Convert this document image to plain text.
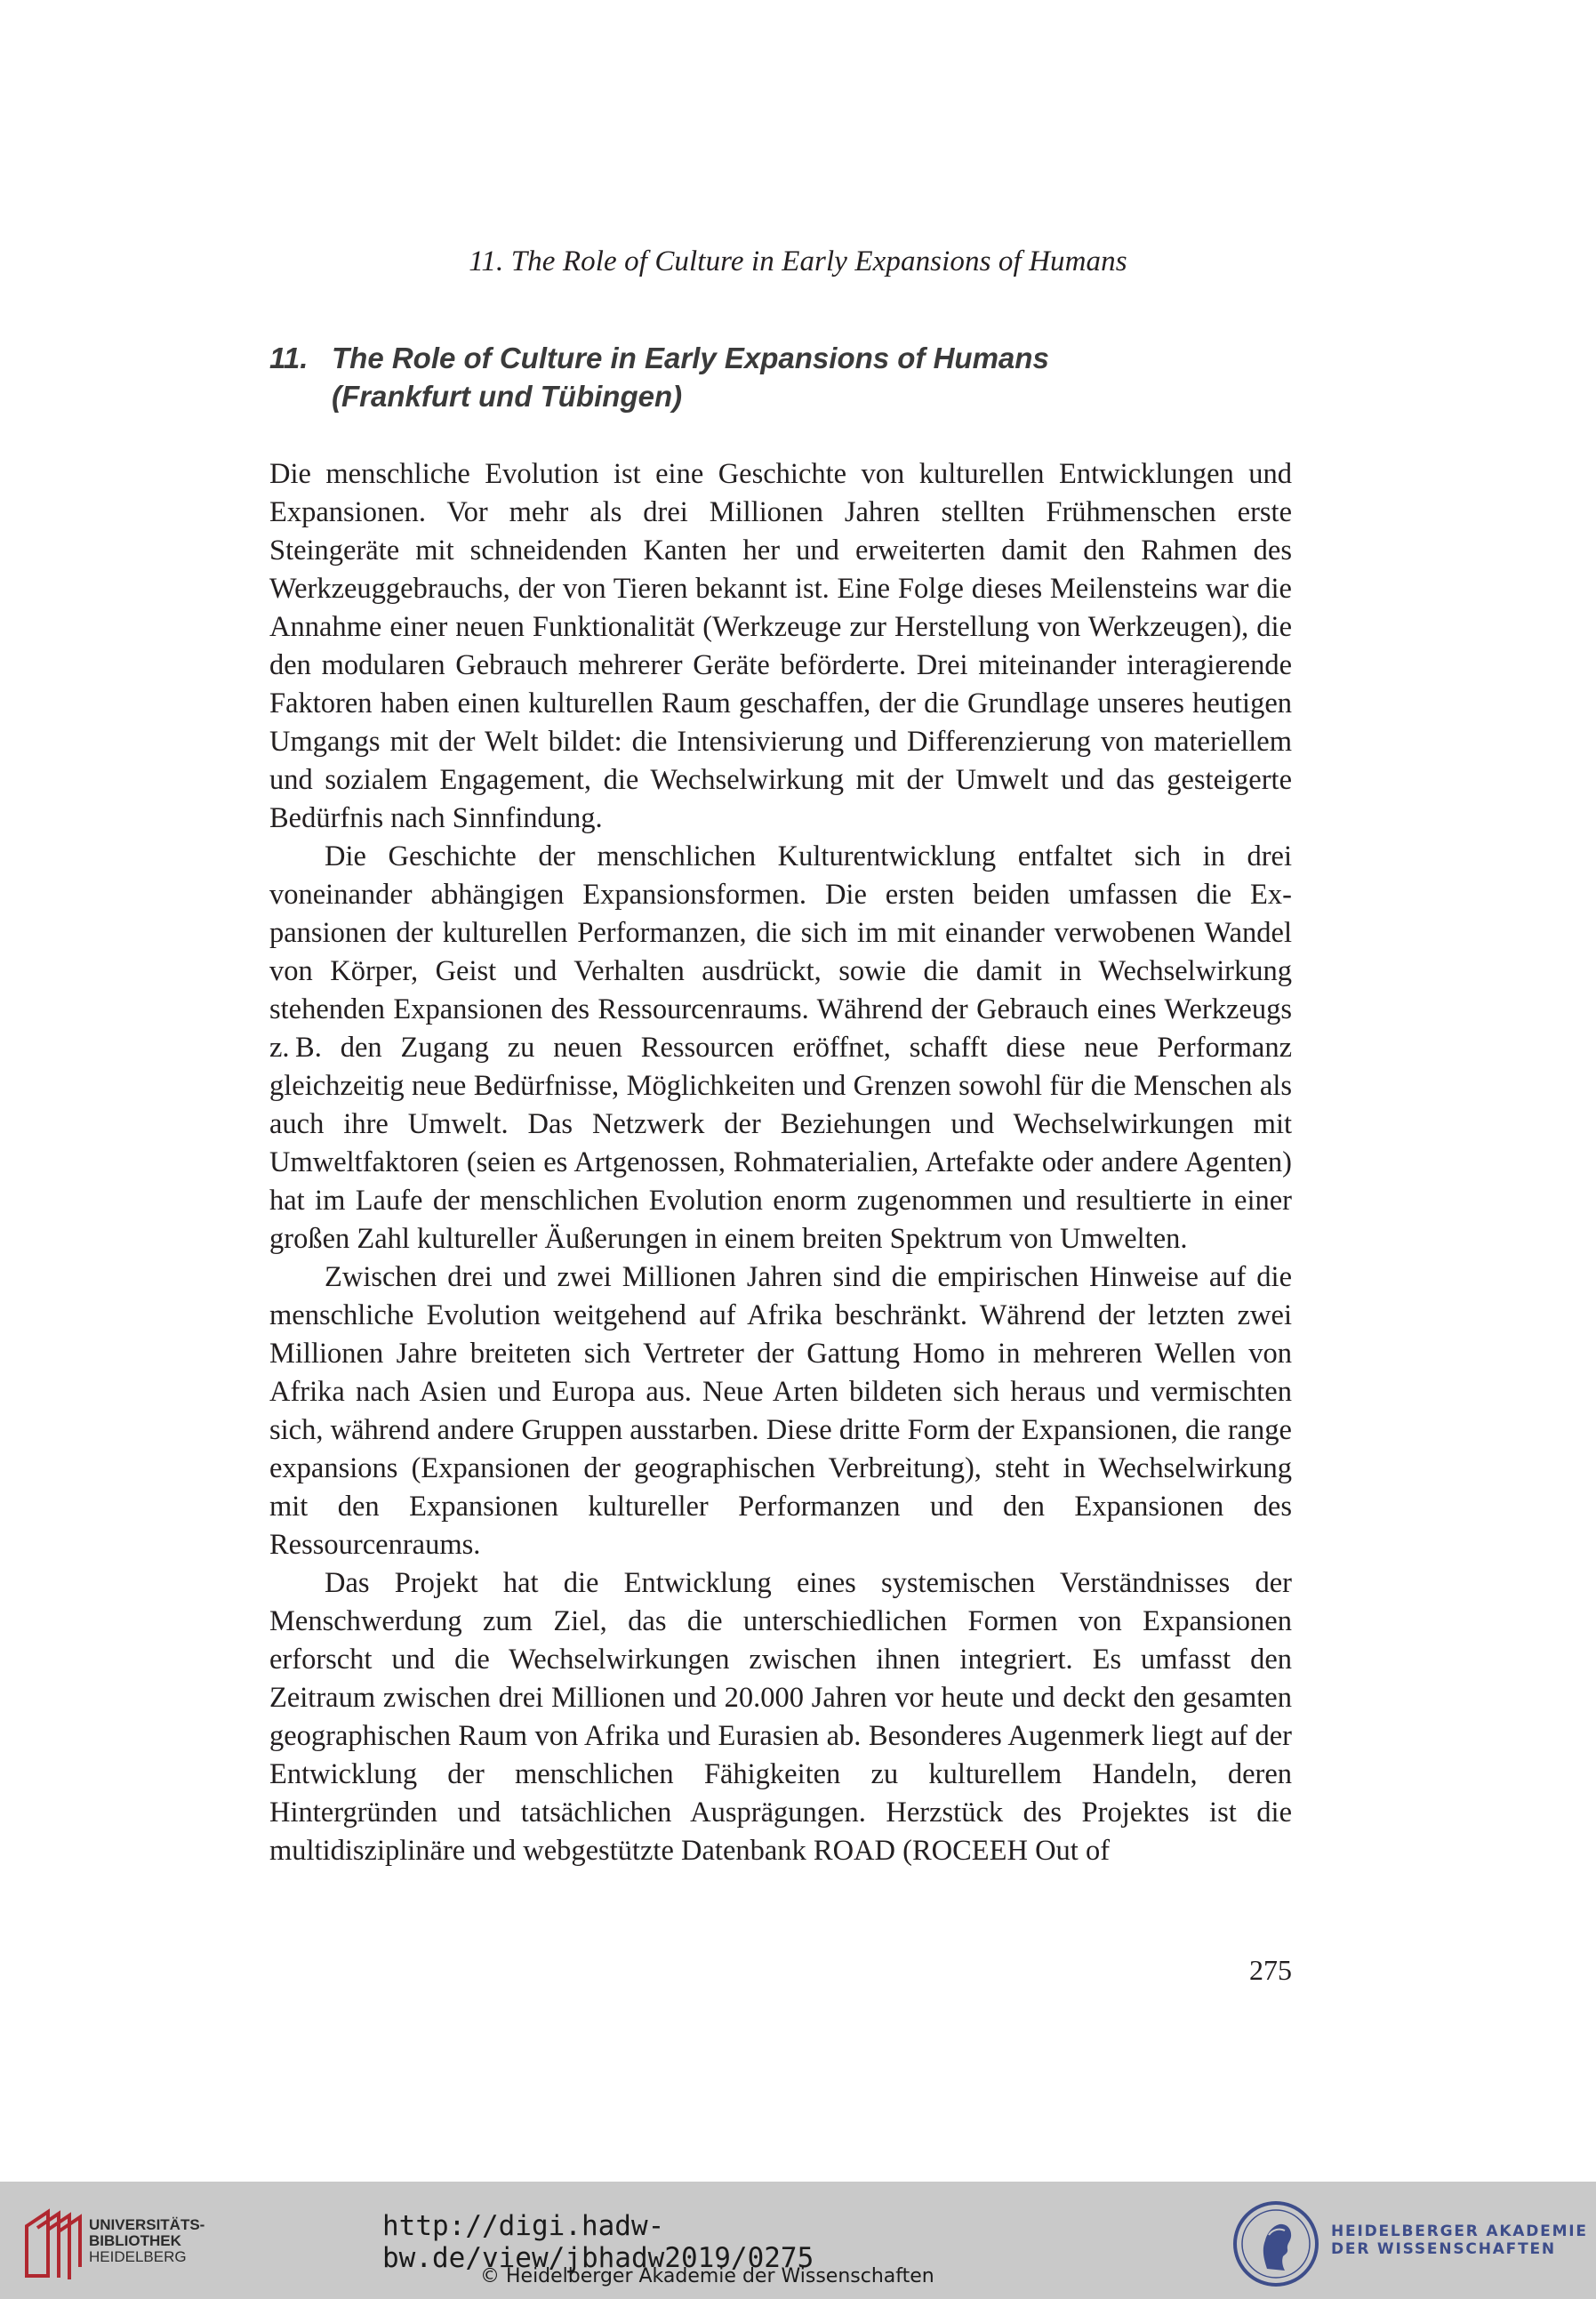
11. The Role of Culture in Early Expansions of Humans
11. The Role of Culture in Early Expansions of Humans
(Frankfurt und Tübingen)

Die menschliche Evolution ist eine Geschichte von kulturellen Entwicklungen und Expansionen. Vor mehr als drei Millionen Jahren stellten Frühmenschen erste Steingeräte mit schneidenden Kanten her und erweiterten damit den Rahmen des Werkzeuggebrauchs, der von Tieren bekannt ist. Eine Folge dieses Meilensteins war die Annahme einer neuen Funktionalität (Werkzeuge zur Herstellung von Werkzeugen), die den modularen Gebrauch mehrerer Geräte beförderte. Drei miteinander interagierende Faktoren haben einen kulturellen Raum geschaffen, der die Grundlage unseres heutigen Umgangs mit der Welt bildet: die Intensivierung und Differenzierung von materiellem und sozialem Engagement, die Wechselwirkung mit der Umwelt und das gesteigerte Bedürfnis nach Sinnfindung.

Die Geschichte der menschlichen Kulturentwicklung entfaltet sich in drei voneinander abhängigen Expansionsformen. Die ersten beiden umfassen die Expansionen der kulturellen Performanzen, die sich im mit einander verwobenen Wandel von Körper, Geist und Verhalten ausdrückt, sowie die damit in Wechselwirkung stehenden Expansionen des Ressourcenraums. Während der Gebrauch eines Werkzeugs z. B. den Zugang zu neuen Ressourcen eröffnet, schafft diese neue Performanz gleichzeitig neue Bedürfnisse, Möglichkeiten und Grenzen sowohl für die Menschen als auch ihre Umwelt. Das Netzwerk der Beziehungen und Wechselwirkungen mit Umweltfaktoren (seien es Artgenossen, Rohmaterialien, Artefakte oder andere Agenten) hat im Laufe der menschlichen Evolution enorm zugenommen und resultierte in einer großen Zahl kultureller Äußerungen in einem breiten Spektrum von Umwelten.

Zwischen drei und zwei Millionen Jahren sind die empirischen Hinweise auf die menschliche Evolution weitgehend auf Afrika beschränkt. Während der letzten zwei Millionen Jahre breiteten sich Vertreter der Gattung Homo in mehreren Wellen von Afrika nach Asien und Europa aus. Neue Arten bildeten sich heraus und vermischten sich, während andere Gruppen ausstarben. Diese dritte Form der Expansionen, die range expansions (Expansionen der geographischen Verbreitung), steht in Wechselwirkung mit den Expansionen kultureller Performanzen und den Expansionen des Ressourcenraums.

Das Projekt hat die Entwicklung eines systemischen Verständnisses der Menschwerdung zum Ziel, das die unterschiedlichen Formen von Expansionen erforscht und die Wechselwirkungen zwischen ihnen integriert. Es umfasst den Zeitraum zwischen drei Millionen und 20.000 Jahren vor heute und deckt den gesamten geographischen Raum von Afrika und Eurasien ab. Besonderes Augenmerk liegt auf der Entwicklung der menschlichen Fähigkeiten zu kulturellem Handeln, deren Hintergründen und tatsächlichen Ausprägungen. Herzstück des Projektes ist die multidisziplinäre und webgestützte Datenbank ROAD (ROCEEH Out of

275
UNIVERSITÄTS-
BIBLIOTHEK
HEIDELBERG
http://digi.hadw-bw.de/view/jbhadw2019/0275
© Heidelberger Akademie der Wissenschaften
HEIDELBERGER AKADEMIE
DER WISSENSCHAFTEN
